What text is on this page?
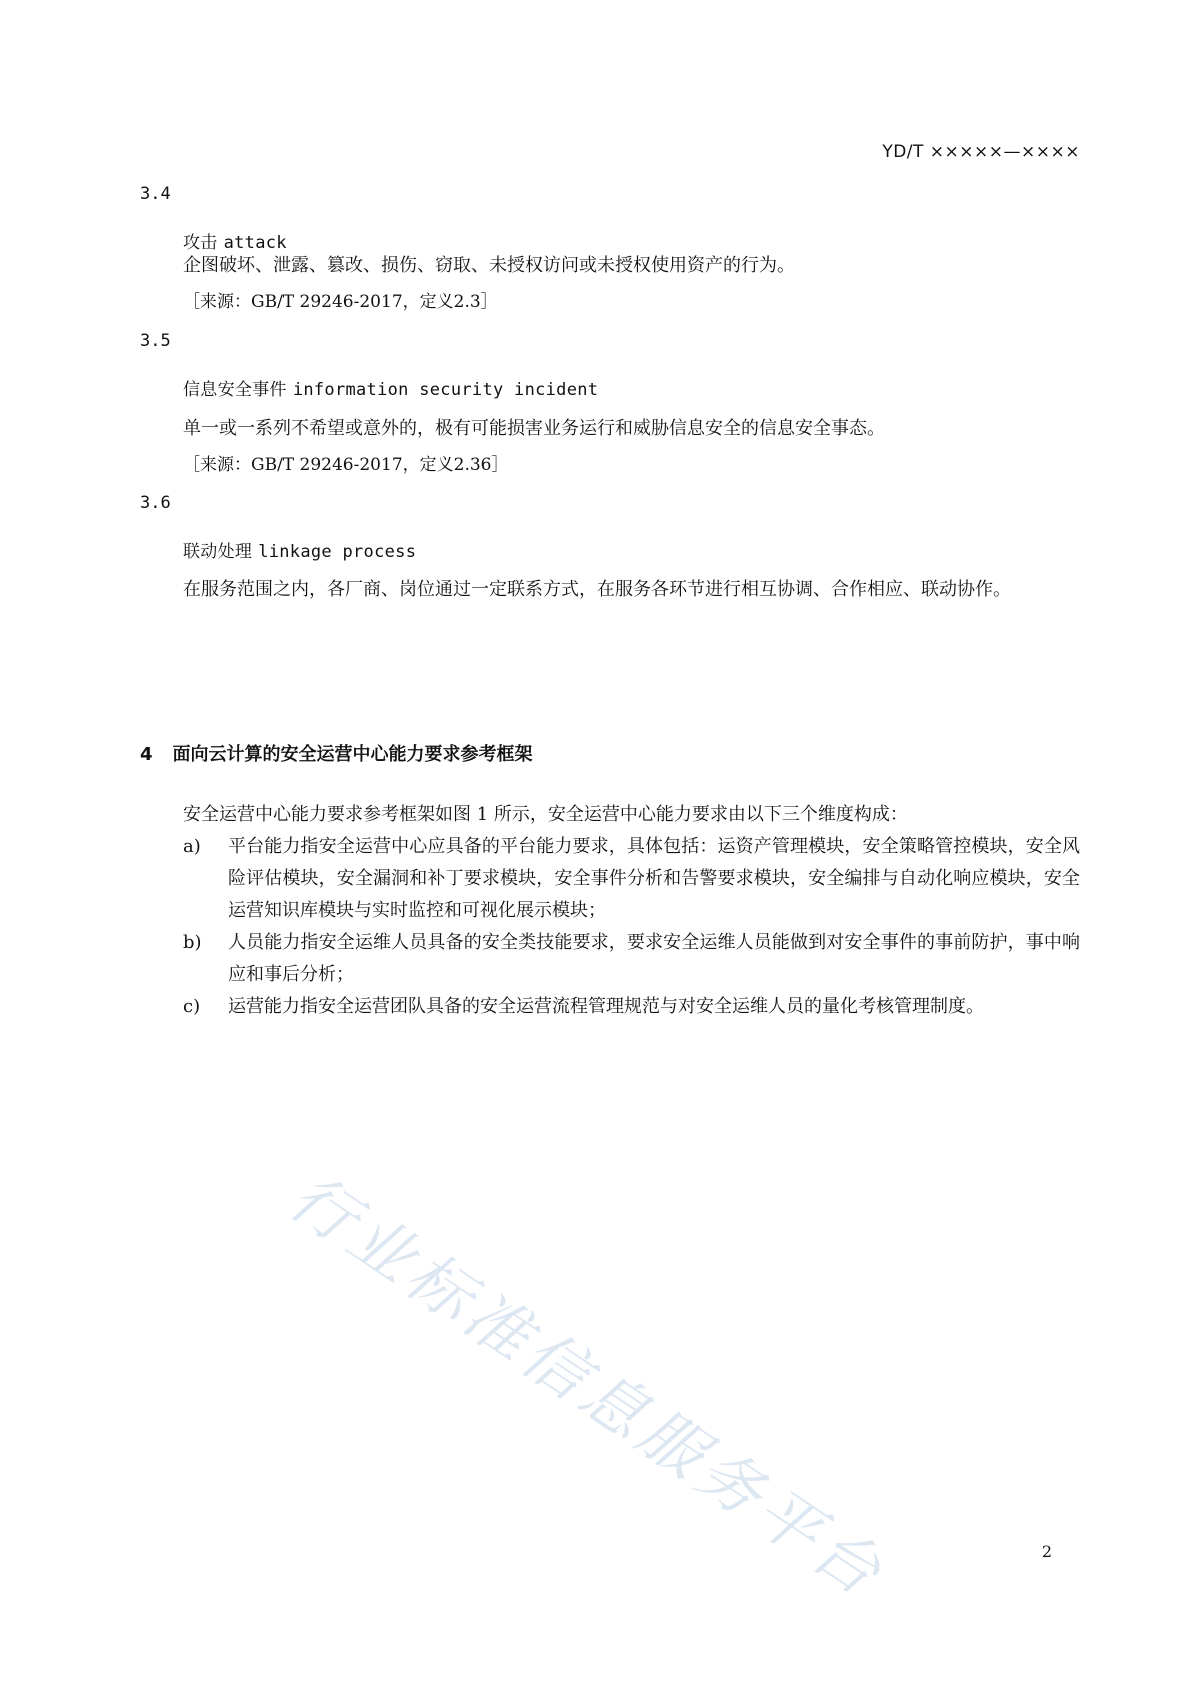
YD/T ×××××—××××
3.4
攻击 attack
企图破坏、泄露、篡改、损伤、窃取、未授权访问或未授权使用资产的行为。
［来源：GB/T 29246-2017，定义2.3］
3.5
信息安全事件 information security incident
单一或一系列不希望或意外的，极有可能损害业务运行和威胁信息安全的信息安全事态。
［来源：GB/T 29246-2017，定义2.36］
3.6
联动处理 linkage process
在服务范围之内，各厂商、岗位通过一定联系方式，在服务各环节进行相互协调、合作相应、联动协作。
4 面向云计算的安全运营中心能力要求参考框架
安全运营中心能力要求参考框架如图 1 所示，安全运营中心能力要求由以下三个维度构成：
a) 平台能力指安全运营中心应具备的平台能力要求，具体包括：运资产管理模块，安全策略管控模块，安全风险评估模块，安全漏洞和补丁要求模块，安全事件分析和告警要求模块，安全编排与自动化响应模块，安全运营知识库模块与实时监控和可视化展示模块；
b) 人员能力指安全运维人员具备的安全类技能要求，要求安全运维人员能做到对安全事件的事前防护，事中响应和事后分析；
c) 运营能力指安全运营团队具备的安全运营流程管理规范与对安全运维人员的量化考核管理制度。
行业标准信息服务平台	2
